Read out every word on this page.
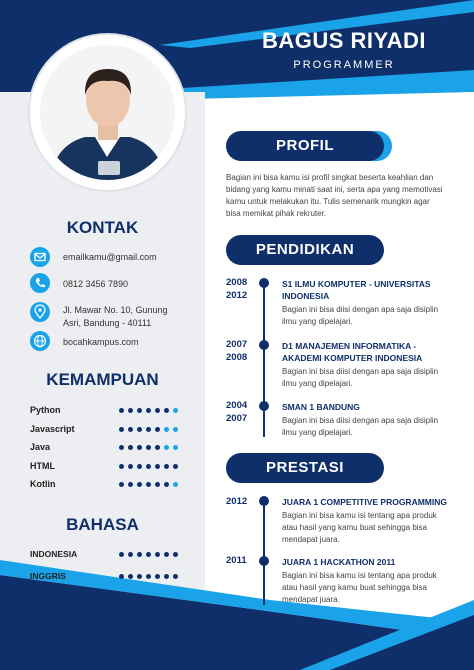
BAGUS RIYADI
PROGRAMMER
KONTAK
emailkamu@gmail.com
0812 3456 7890
Jl. Mawar No. 10, Gunung
Asri, Bandung - 40111
bocahkampus.com
KEMAMPUAN
Python
Javascript
Java
HTML
Kotlin
BAHASA
INDONESIA
INGGRIS
PROFIL
Bagian ini bisa kamu isi profil singkat beserta keahlian dan
bidang yang kamu minati saat ini, serta apa yang memotivasi
kamu untuk melakukan itu. Tulis semenarik mungkin agar
bisa memikat pihak rekruter.
PENDIDIKAN
2008
2012
S1 ILMU KOMPUTER - UNIVERSITAS
INDONESIA
Bagian ini bisa diisi dengan apa saja disiplin
ilmu yang dipelajari.
2007
2008
D1 MANAJEMEN INFORMATIKA -
AKADEMI KOMPUTER INDONESIA
Bagian ini bisa diisi dengan apa saja disiplin
ilmu yang dipelajari.
2004
2007
SMAN 1 BANDUNG
Bagian ini bisa diisi dengan apa saja disiplin
ilmu yang dipelajari.
PRESTASI
2012	JUARA 1 COMPETITIVE PROGRAMMING
Bagian ini bisa kamu isi tentang apa produk
atau hasil yang kamu buat sehingga bisa
mendapat juara.
2011	JUARA 1 HACKATHON 2011
Bagian ini bisa kamu isi tentang apa produk
atau hasil yang kamu buat sehingga bisa
mendapat juara.
